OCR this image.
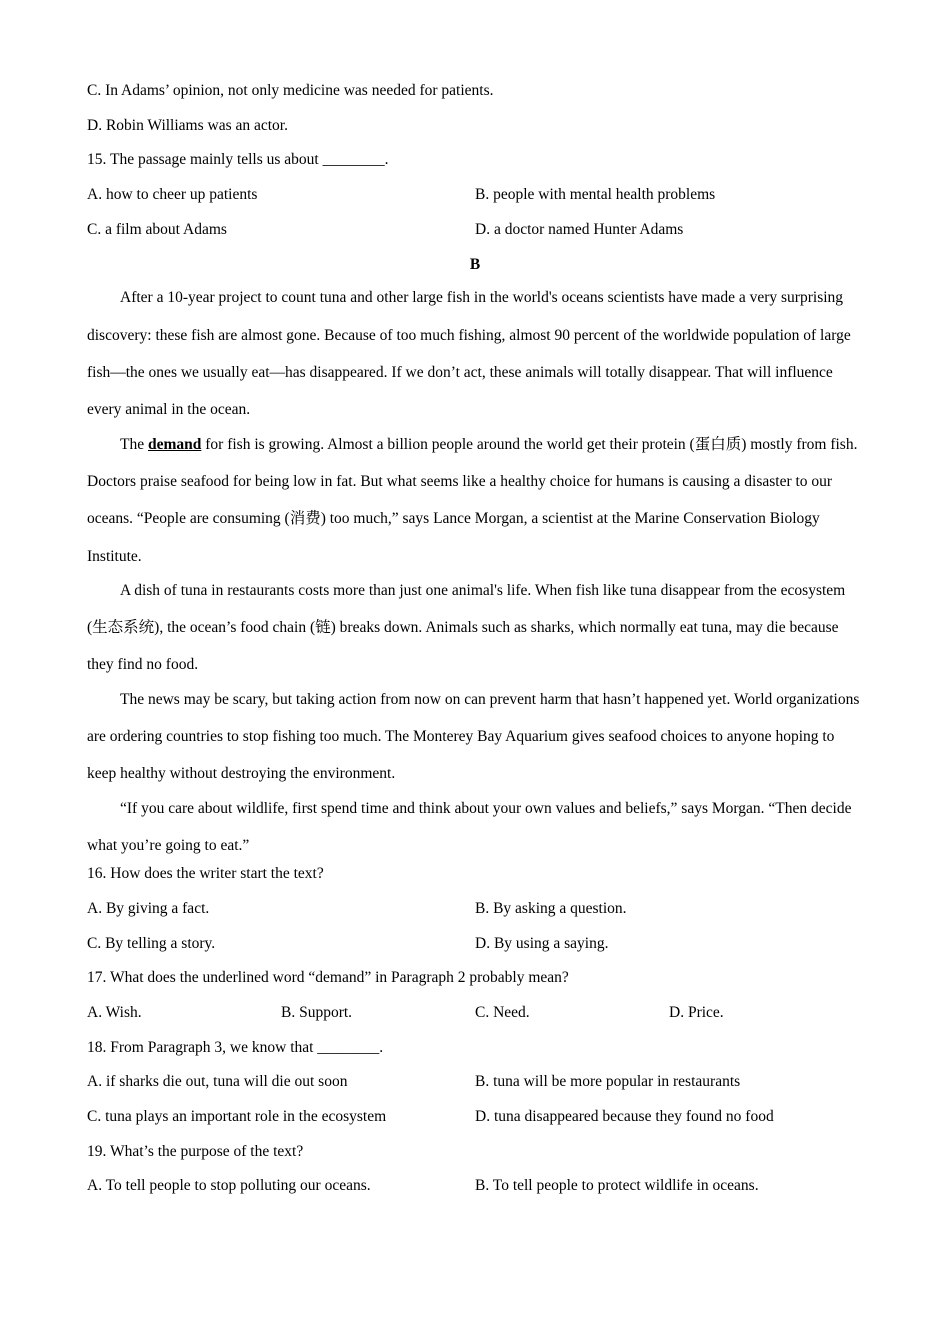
C. In Adams’ opinion, not only medicine was needed for patients.
D. Robin Williams was an actor.
15. The passage mainly tells us about ________.
A. how to cheer up patients	B. people with mental health problems
C. a film about Adams	D. a doctor named Hunter Adams
B
After a 10-year project to count tuna and other large fish in the world's oceans scientists have made a very surprising discovery: these fish are almost gone. Because of too much fishing, almost 90 percent of the worldwide population of large fish—the ones we usually eat—has disappeared. If we don’t act, these animals will totally disappear. That will influence every animal in the ocean.
The demand for fish is growing. Almost a billion people around the world get their protein (蛋白质) mostly from fish. Doctors praise seafood for being low in fat. But what seems like a healthy choice for humans is causing a disaster to our oceans. “People are consuming (消费) too much,” says Lance Morgan, a scientist at the Marine Conservation Biology Institute.
A dish of tuna in restaurants costs more than just one animal's life. When fish like tuna disappear from the ecosystem (生态系统), the ocean’s food chain (链) breaks down. Animals such as sharks, which normally eat tuna, may die because they find no food.
The news may be scary, but taking action from now on can prevent harm that hasn’t happened yet. World organizations are ordering countries to stop fishing too much. The Monterey Bay Aquarium gives seafood choices to anyone hoping to keep healthy without destroying the environment.
“If you care about wildlife, first spend time and think about your own values and beliefs,” says Morgan. “Then decide what you’re going to eat.”
16. How does the writer start the text?
A. By giving a fact.	B. By asking a question.
C. By telling a story.	D. By using a saying.
17. What does the underlined word “demand” in Paragraph 2 probably mean?
A. Wish.	B. Support.	C. Need.	D. Price.
18. From Paragraph 3, we know that ________.
A. if sharks die out, tuna will die out soon	B. tuna will be more popular in restaurants
C. tuna plays an important role in the ecosystem	D. tuna disappeared because they found no food
19. What’s the purpose of the text?
A. To tell people to stop polluting our oceans.	B. To tell people to protect wildlife in oceans.
